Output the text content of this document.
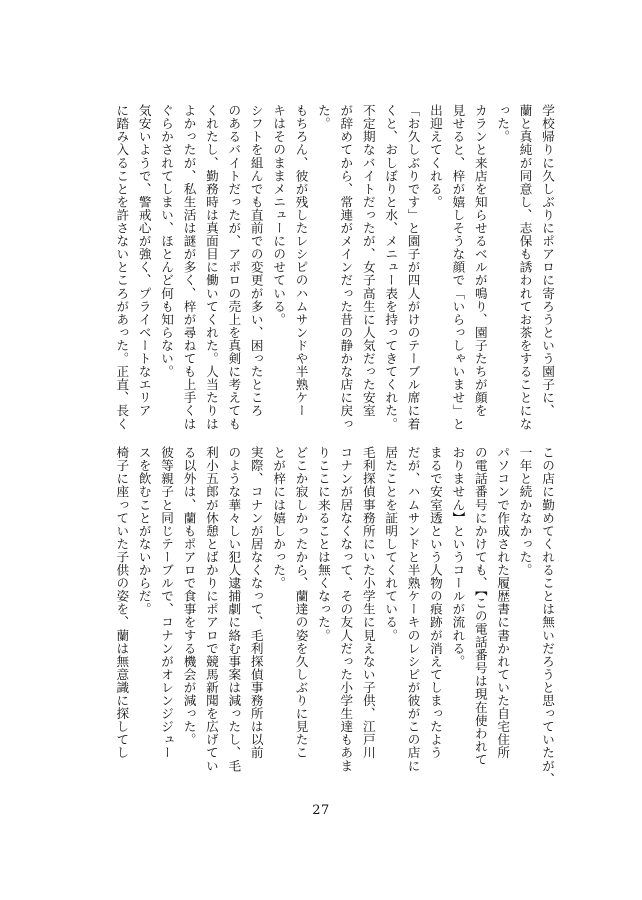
学校帰りに久しぶりにポアロに寄ろうという園子に、
蘭と真純が同意し、志保も誘われてお茶をすることにな
った。
カランと来店を知らせるベルが鳴り、園子たちが顔を
見せると、梓が嬉しそうな顔で「いらっしゃいませ」と
出迎えてくれる。
「お久しぶりです」と園子が四人がけのテーブル席に着
くと、おしぼりと水、メニュー表を持ってきてくれた。
不定期なバイトだったが、女子高生に人気だった安室
が辞めてから、常連がメインだった昔の静かな店に戻っ
た。
もちろん、彼が残したレシピのハムサンドや半熟ケー
キはそのままメニューにのせている。
シフトを組んでも直前での変更が多い、困ったところ
のあるバイトだったが、アポロの売上を真剣に考えても
くれたし、勤務時は真面目に働いてくれた。人当たりは
よかったが、私生活は謎が多く、梓が尋ねても上手くは
ぐらかされてしまい、ほとんど何も知らない。
気安いようで、警戒心が強く、プライベートなエリア
に踏み入ることを許さないところがあった。正直、長く
この店に勤めてくれることは無いだろうと思っていたが、
一年と続かなかった。
パソコンで作成された履歴書に書かれていた自宅住所
の電話番号にかけても、【この電話番号は現在使われて
おりません】というコールが流れる。
まるで安室透という人物の痕跡が消えてしまったよう
だが、ハムサンドと半熟ケーキのレシピが彼がこの店に
居たことを証明してくれている。
毛利探偵事務所にいた小学生に見えない子供、江戸川
コナンが居なくなって、その友人だった小学生達もあま
りここに来ることは無くなった。
どこか寂しかったから、蘭達の姿を久しぶりに見たこ
とが梓には嬉しかった。
実際、コナンが居なくなって、毛利探偵事務所は以前
のような華々しい犯人逮捕劇に絡む事案は減ったし、毛
利小五郎が休憩とばかりにポアロで競馬新聞を広げてい
る以外は、蘭もポアロで食事をする機会が減った。
彼等親子と同じテーブルで、コナンがオレンジジュー
スを飲むことがないからだ。
椅子に座っていた子供の姿を、蘭は無意識に探してし
27
